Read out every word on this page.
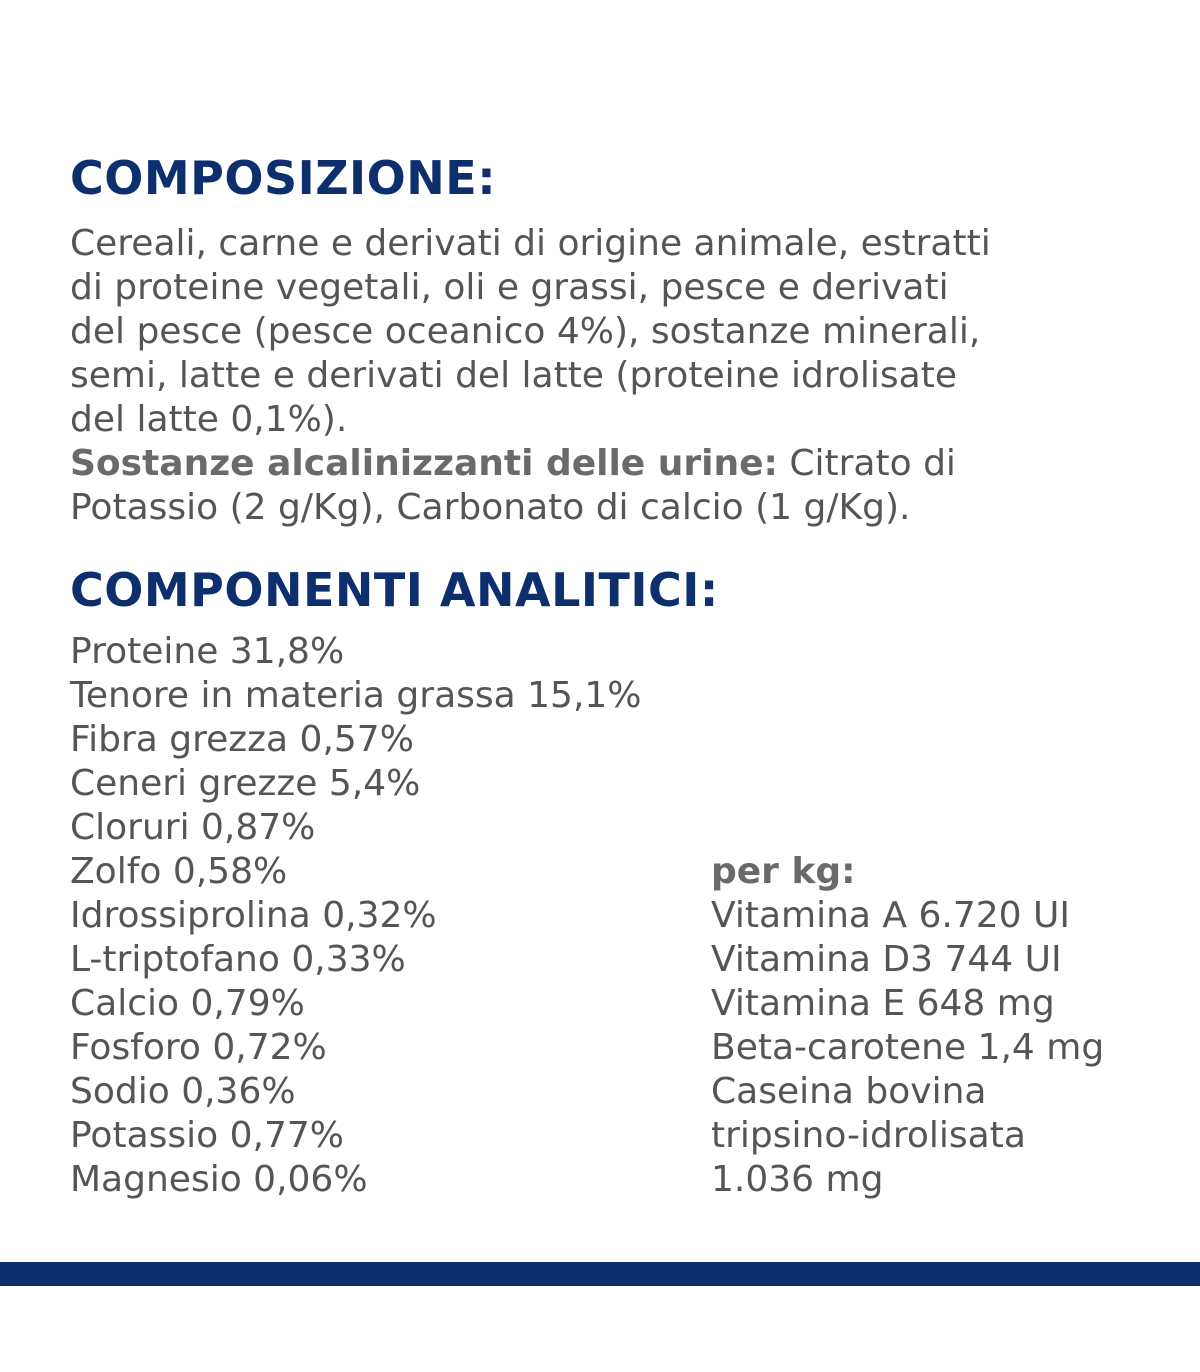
COMPOSIZIONE:
Cereali, carne e derivati di origine animale, estratti
di proteine vegetali, oli e grassi, pesce e derivati
del pesce (pesce oceanico 4%), sostanze minerali,
semi, latte e derivati del latte (proteine idrolisate
del latte 0,1%).
Sostanze alcalinizzanti delle urine: Citrato di
Potassio (2 g/Kg), Carbonato di calcio (1 g/Kg).
COMPONENTI ANALITICI:
Proteine 31,8%
Tenore in materia grassa 15,1%
Fibra grezza 0,57%
Ceneri grezze 5,4%
Cloruri 0,87%
Zolfo 0,58%
Idrossiprolina 0,32%
L-triptofano 0,33%
Calcio 0,79%
Fosforo 0,72%
Sodio 0,36%
Potassio 0,77%
Magnesio 0,06%
per kg:
Vitamina A 6.720 UI
Vitamina D3 744 UI
Vitamina E 648 mg
Beta-carotene 1,4 mg
Caseina bovina
tripsino-idrolisata
1.036 mg
